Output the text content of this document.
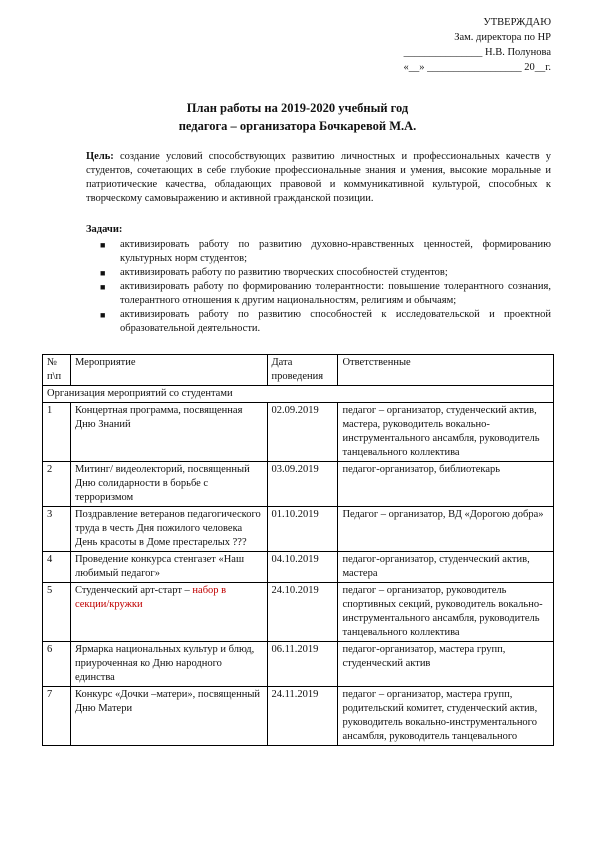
УТВЕРЖДАЮ
Зам. директора по НР
_______________ Н.В. Полунова
«__» __________________ 20__г.
План работы на 2019-2020 учебный год
педагога – организатора Бочкаревой М.А.
Цель: создание условий способствующих развитию личностных и профессиональных качеств у студентов, сочетающих в себе глубокие профессиональные знания и умения, высокие моральные и патриотические качества, обладающих правовой и коммуникативной культурой, способных к творческому самовыражению и активной гражданской позиции.
Задачи:
■ активизировать работу по развитию духовно-нравственных ценностей, формированию культурных норм студентов;
■ активизировать работу по развитию творческих способностей студентов;
■ активизировать работу по формированию толерантности: повышение толерантного сознания, толерантного отношения к другим национальностям, религиям и обычаям;
■ активизировать работу по развитию способностей к исследовательской и проектной образовательной деятельности.
№ п\п	Мероприятие	Дата проведения	Ответственные
Организация мероприятий со студентами			
1	Концертная программа, посвященная Дню Знаний	02.09.2019	педагог – организатор, студенческий актив, мастера, руководитель вокально-инструментального ансамбля, руководитель танцевального коллектива
2	Митинг/ видеолекторий, посвященный Дню солидарности в борьбе с терроризмом	03.09.2019	педагог-организатор, библиотекарь
3	Поздравление ветеранов педагогического труда в честь Дня пожилого человека День красоты в Доме престарелых ???	01.10.2019	Педагог – организатор, ВД «Дорогою добра»
4	Проведение конкурса стенгазет «Наш любимый педагог»	04.10.2019	педагог-организатор, студенческий актив, мастера
5	Студенческий арт-старт – набор в секции/кружки	24.10.2019	педагог – организатор, руководитель спортивных секций, руководитель вокально-инструментального ансамбля, руководитель танцевального коллектива
6	Ярмарка национальных культур и блюд, приуроченная ко Дню народного единства	06.11.2019	педагог-организатор, мастера групп, студенческий актив
7	Конкурс «Дочки –матери», посвященный Дню Матери	24.11.2019	педагог – организатор, мастера групп, родительский комитет, студенческий актив, руководитель вокально-инструментального ансамбля, руководитель танцевального
